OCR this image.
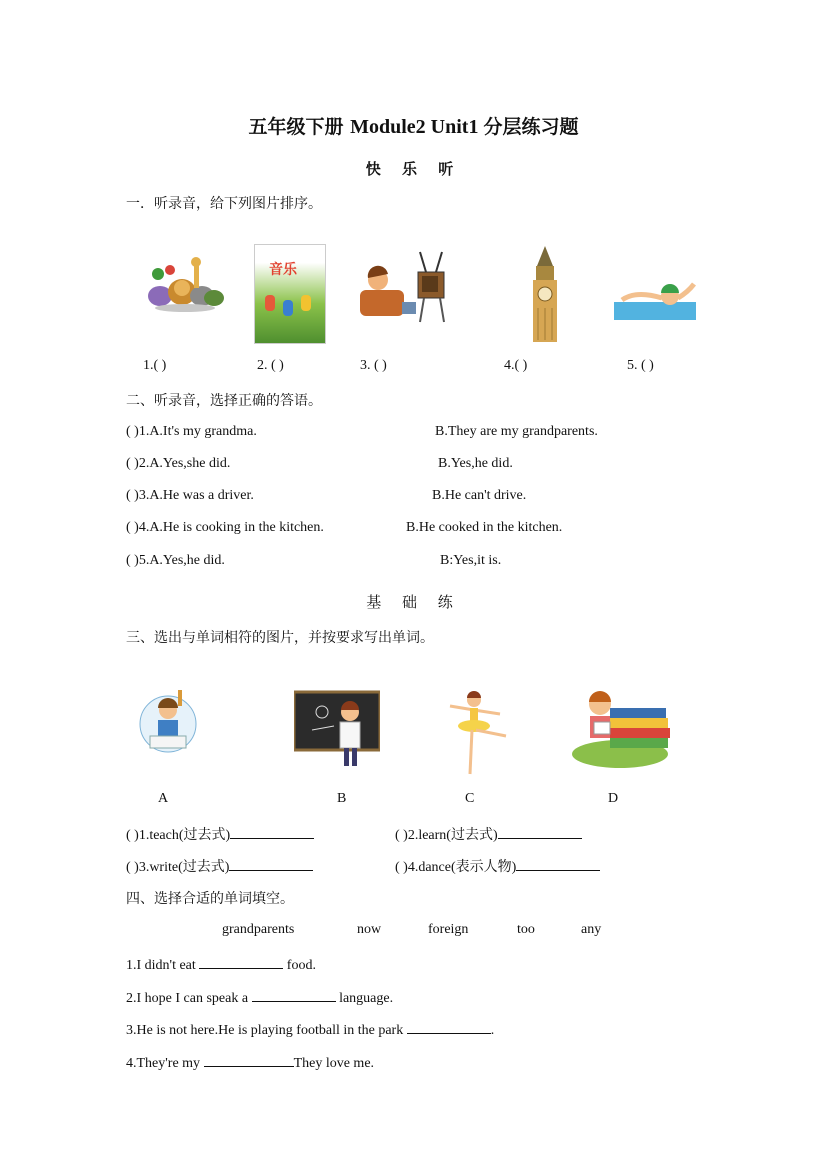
五年级下册 Module2 Unit1 分层练习题
快 乐 听
一．听录音，给下列图片排序。
音乐
1.( )	2. ( )	3. ( )	4.( )	5. ( )
二、听录音，选择正确的答语。
( )1.A.It's my grandma.	B.They are my grandparents.
( )2.A.Yes,she did.	B.Yes,he did.
( )3.A.He was a driver.	B.He can't drive.
( )4.A.He is cooking in the kitchen.	B.He cooked in the kitchen.
( )5.A.Yes,he did.	B:Yes,it is.
基 础 练
三、选出与单词相符的图片，并按要求写出单词。
A	B	C	D
( )1.teach(过去式)	( )2.learn(过去式)
( )3.write(过去式)	( )4.dance(表示人物)
四、选择合适的单词填空。
grandparents	now	foreign	too	any
1.I didn't eat	food.
2.I hope I can speak a	language.
3.He is not here.He is playing football in the park	.
4.They're my	They love me.
